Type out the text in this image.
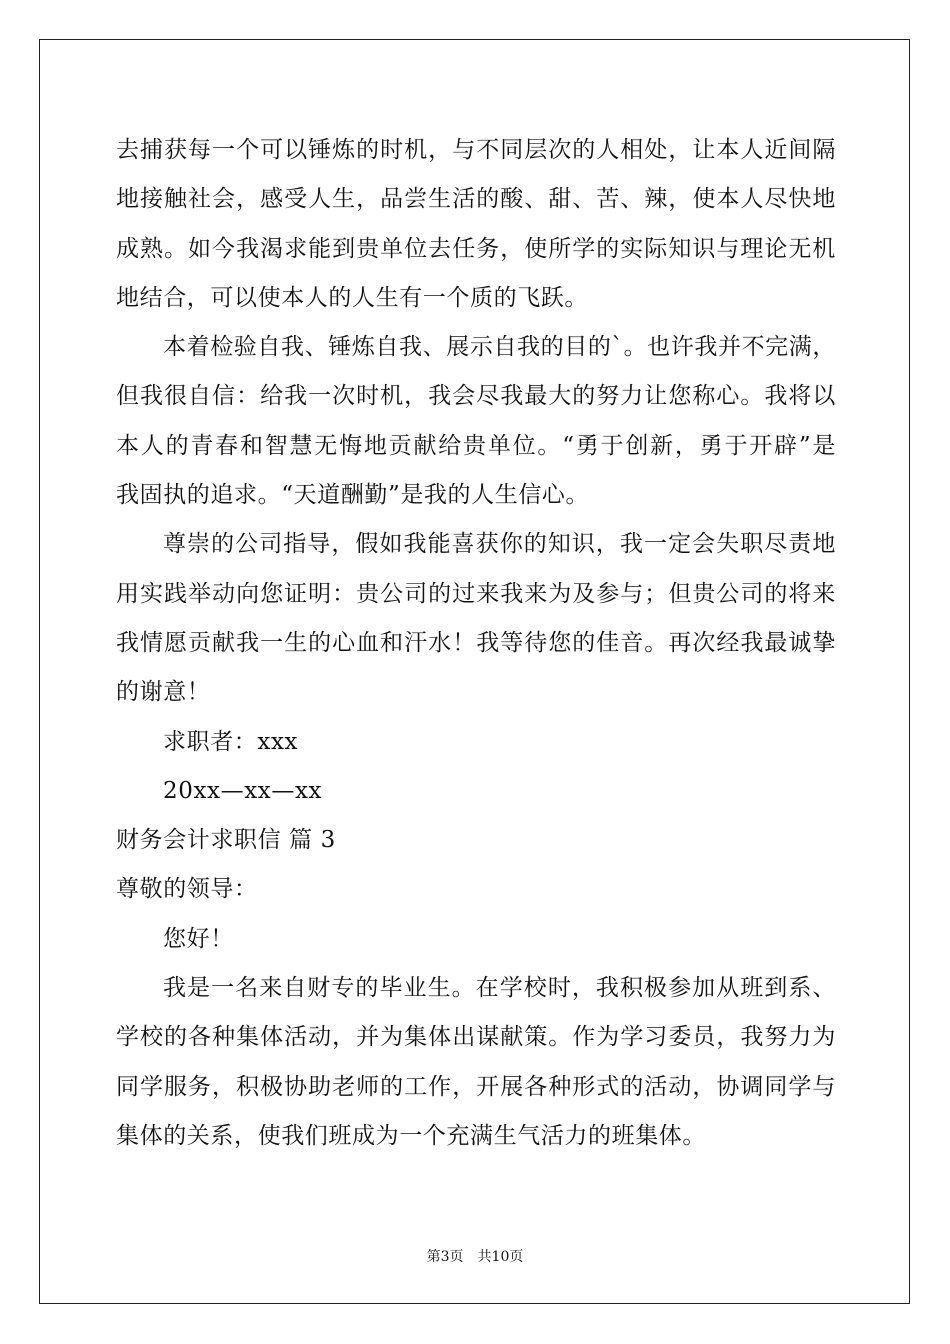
去捕获每一个可以锤炼的时机，与不同层次的人相处，让本人近间隔
地接触社会，感受人生，品尝生活的酸、甜、苦、辣，使本人尽快地
成熟。如今我渴求能到贵单位去任务，使所学的实际知识与理论无机
地结合，可以使本人的人生有一个质的飞跃。
本着检验自我、锤炼自我、展示自我的目的`。也许我并不完满，
但我很自信：给我一次时机，我会尽我最大的努力让您称心。我将以
本人的青春和智慧无悔地贡献给贵单位。“勇于创新，勇于开辟”是
我固执的追求。“天道酬勤”是我的人生信心。
尊崇的公司指导，假如我能喜获你的知识，我一定会失职尽责地
用实践举动向您证明：贵公司的过来我来为及参与；但贵公司的将来
我情愿贡献我一生的心血和汗水！我等待您的佳音。再次经我最诚挚
的谢意！
求职者：xxx
20xx—xx—xx
财务会计求职信 篇 3
尊敬的领导：
您好！
我是一名来自财专的毕业生。在学校时，我积极参加从班到系、
学校的各种集体活动，并为集体出谋献策。作为学习委员，我努力为
同学服务，积极协助老师的工作，开展各种形式的活动，协调同学与
集体的关系，使我们班成为一个充满生气活力的班集体。
第3页 共10页
